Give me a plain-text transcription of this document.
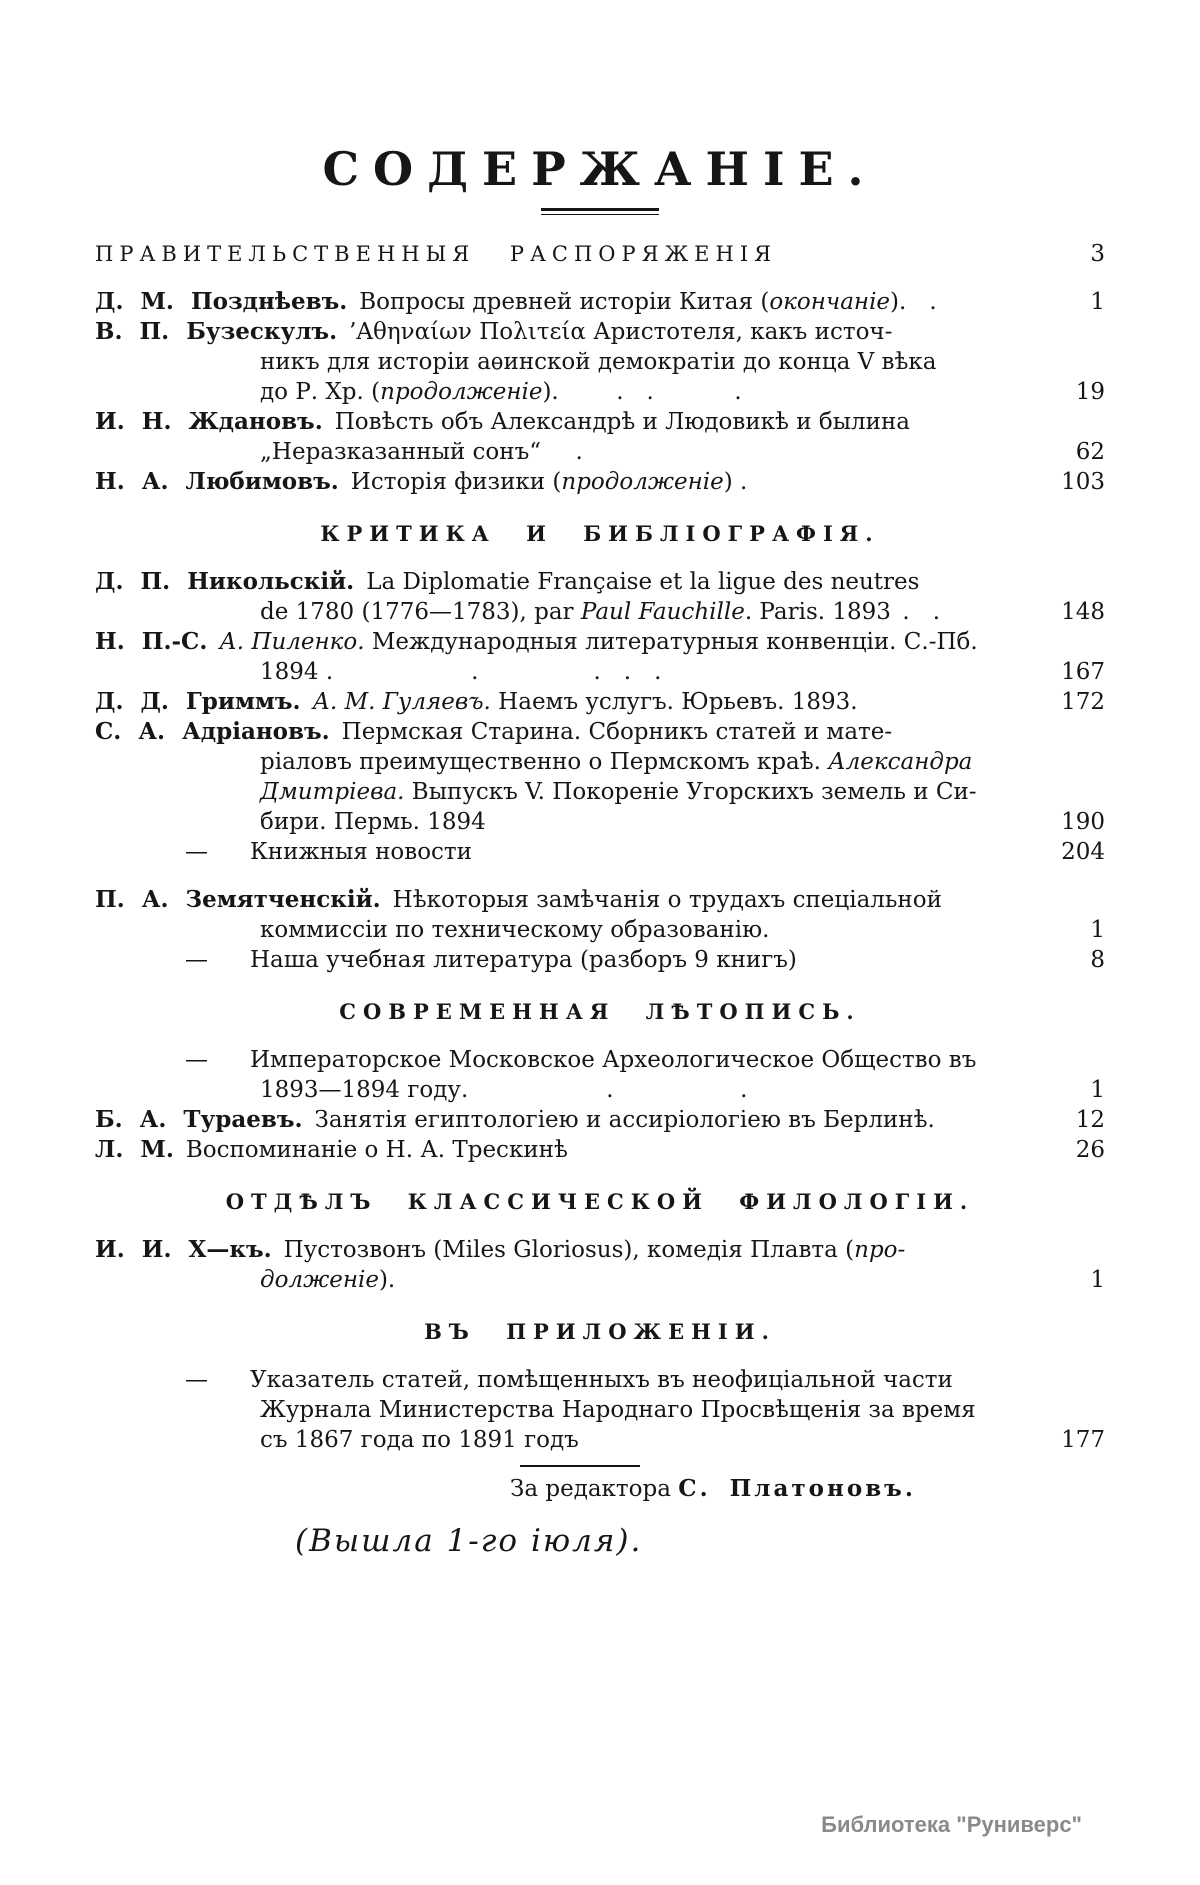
СОДЕРЖАНІЕ.
ПРАВИТЕЛЬСТВЕННЫЯ РАСПОРЯЖЕНІЯ	3
Д. М. Позднѣевъ. Вопросы древней исторіи Китая (окончаніе).  .	1
В. П. Бузескулъ. ’Αθηναίων Πολιτεία Аристотеля, какъ источ-
никъ для исторіи аѳинской демократіи до конца V вѣка
до Р. Хр. (продолженіе).   .  .    .	19
И. Н. Ждановъ. Повѣсть объ Александрѣ и Людовикѣ и былина
„Неразказанный сонъ“  .	62
Н. А. Любимовъ. Исторія физики (продолженіе) .	103
КРИТИКА И БИБЛІОГРАФІЯ.
Д. П. Никольскій. La Diplomatie Française et la ligue des neutres
de 1780 (1776—1783), par Paul Fauchille. Paris. 1893 .  .	148
Н. П.-С. А. Пиленко. Международныя литературныя конвенціи. С.-Пб.
1894 .      .     .  .  .	167
Д. Д. Гриммъ. А. М. Гуляевъ. Наемъ услугъ. Юрьевъ. 1893.	172
С. А. Адріановъ. Пермская Старина. Сборникъ статей и мате-
ріаловъ преимущественно о Пермскомъ краѣ. Александра
Дмитріева. Выпускъ V. Покореніе Угорскихъ земель и Си-
бири. Пермь. 1894	190
— Книжныя новости	204
П. А. Земятченскій. Нѣкоторыя замѣчанія о трудахъ спеціальной
коммиссіи по техническому образованію.	1
— Наша учебная литература (разборъ 9 книгъ)	8
СОВРЕМЕННАЯ ЛѢТОПИСЬ.
— Императорское Московское Археологическое Общество въ
1893—1894 году.      .      .	1
Б. А. Тураевъ. Занятія египтологіею и ассиріологіею въ Берлинѣ.	12
Л. М. Воспоминаніе о Н. А. Трескинѣ	26
ОТДѢЛЪ КЛАССИЧЕСКОЙ ФИЛОЛОГІИ.
И. И. Х—къ. Пустозвонъ (Miles Gloriosus), комедія Плавта (про-
долженіе).	1
ВЪ ПРИЛОЖЕНІИ.
— Указатель статей, помѣщенныхъ въ неофиціальной части
Журнала Министерства Народнаго Просвѣщенія за время
съ 1867 года по 1891 годъ	177
За редактора С. Платоновъ.
(Вышла 1-го іюля).
Библиотека "Руниверс"
